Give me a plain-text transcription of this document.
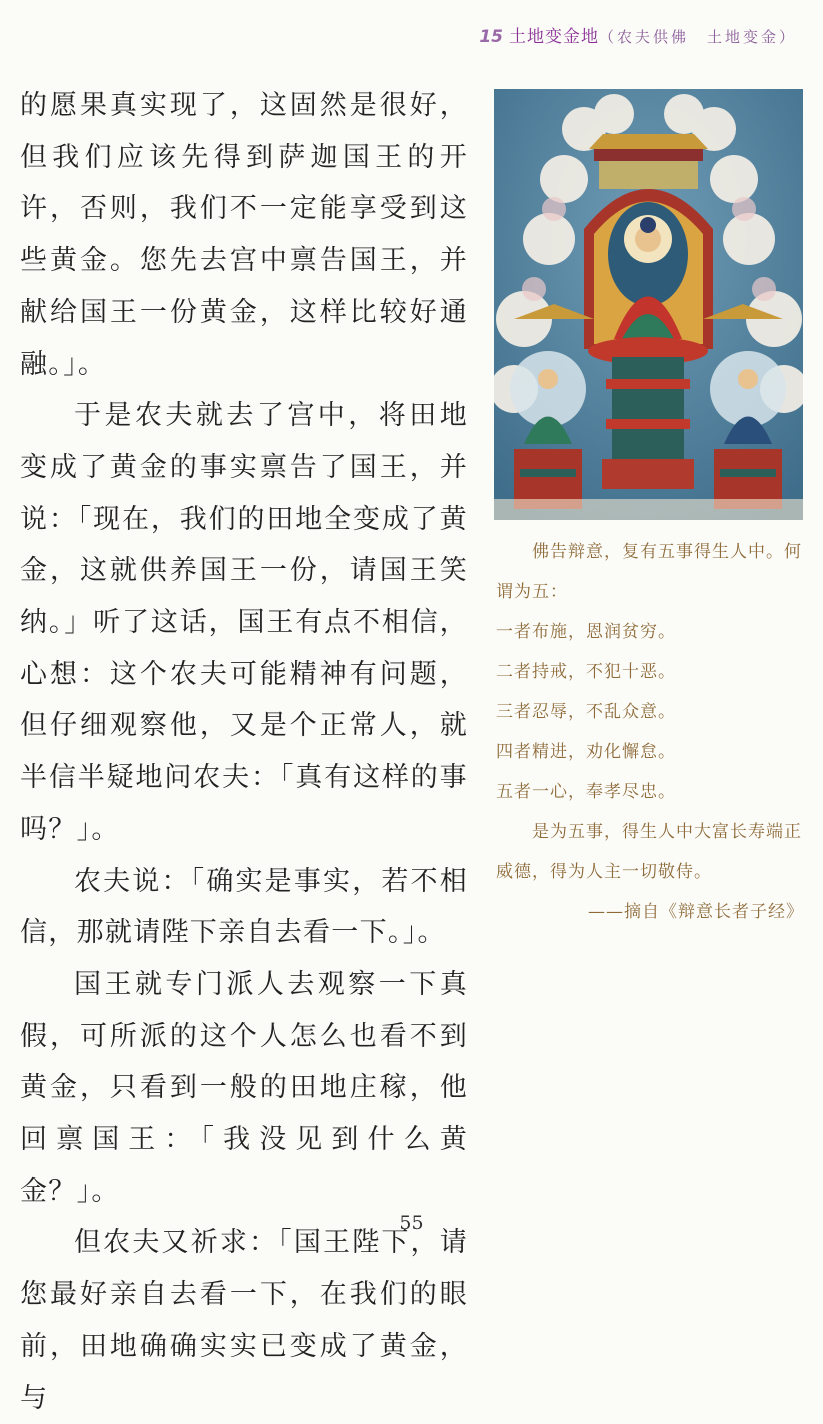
15 土地变金地（农夫供佛　土地变金）

的愿果真实现了，这固然是很好，但我们应该先得到萨迦国王的开许，否则，我们不一定能享受到这些黄金。您先去宫中禀告国王，并献给国王一份黄金，这样比较好通融。」。

于是农夫就去了宫中，将田地变成了黄金的事实禀告了国王，并说：「现在，我们的田地全变成了黄金，这就供养国王一份，请国王笑纳。」听了这话，国王有点不相信，心想：这个农夫可能精神有问题，但仔细观察他，又是个正常人，就半信半疑地问农夫：「真有这样的事吗？」。

农夫说：「确实是事实，若不相信，那就请陛下亲自去看一下。」。

国王就专门派人去观察一下真假，可所派的这个人怎么也看不到黄金，只看到一般的田地庄稼，他回禀国王：「我没见到什么黄金？」。

但农夫又祈求：「国王陛下，请您最好亲自去看一下，在我们的眼前，田地确确实实已变成了黄金，与

佛告辩意，复有五事得生人中。何谓为五：

一者布施，恩润贫穷。

二者持戒，不犯十恶。

三者忍辱，不乱众意。

四者精进，劝化懈怠。

五者一心，奉孝尽忠。

是为五事，得生人中大富长寿端正威德，得为人主一切敬侍。

——摘自《辩意长者子经》

55
